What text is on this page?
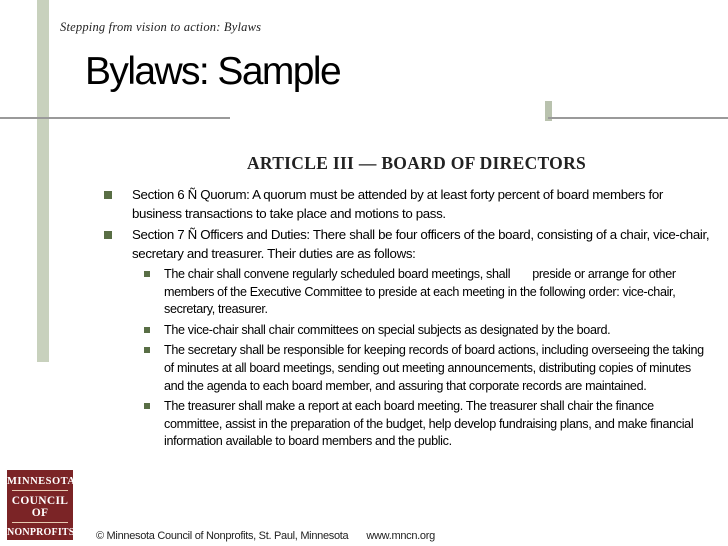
Stepping from vision to action: Bylaws
Bylaws: Sample
ARTICLE III — BOARD OF DIRECTORS
Section 6 Ñ Quorum: A quorum must be attended by at least forty percent of board members for business transactions to take place and motions to pass.
Section 7 Ñ Officers and Duties: There shall be four officers of the board, consisting of a chair, vice-chair, secretary and treasurer. Their duties are as follows:
The chair shall convene regularly scheduled board meetings, shall preside or arrange for other members of the Executive Committee to preside at each meeting in the following order: vice-chair, secretary, treasurer.
The vice-chair shall chair committees on special subjects as designated by the board.
The secretary shall be responsible for keeping records of board actions, including overseeing the taking of minutes at all board meetings, sending out meeting announcements, distributing copies of minutes and the agenda to each board member, and assuring that corporate records are maintained.
The treasurer shall make a report at each board meeting. The treasurer shall chair the finance committee, assist in the preparation of the budget, help develop fundraising plans, and make financial information available to board members and the public.
MINNESOTA
COUNCIL OF
NONPROFITS © Minnesota Council of Nonprofits, St. Paul, Minnesota www.mncn.org
